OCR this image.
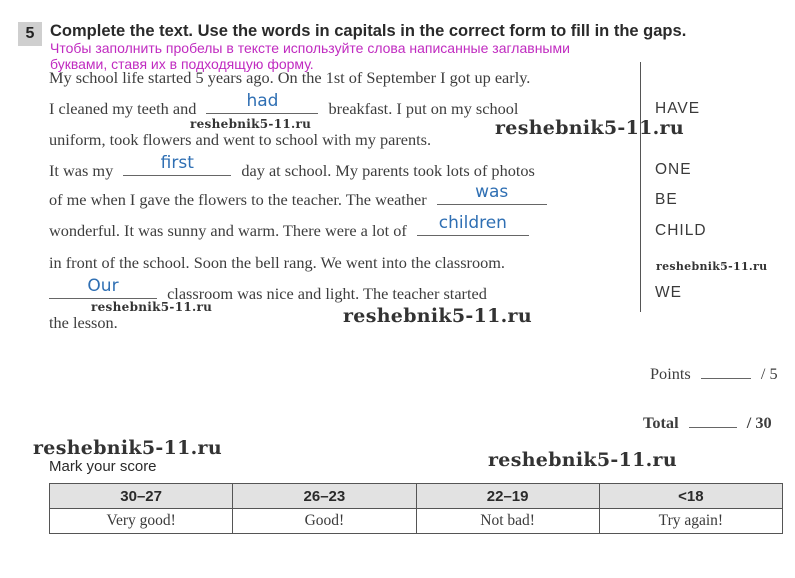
5 Complete the text. Use the words in capitals in the correct form to fill in the gaps.
Чтобы заполнить пробелы в тексте используйте слова написанные заглавными
буквами, ставя их в подходящую форму.
My school life started 5 years ago. On the 1st of September I got up early.
I cleaned my teeth and	had	breakfast. I put on my school
uniform, took flowers and went to school with my parents.
It was my	first	day at school. My parents took lots of photos
of me when I gave the flowers to the teacher. The weather	was
wonderful. It was sunny and warm. There were a lot of	children
in front of the school. Soon the bell rang. We went into the classroom.
Our	classroom was nice and light. The teacher started
the lesson.
HAVE
ONE
BE
CHILD
WE
reshebnik5-11.ru	reshebnik5-11.ru
reshebnik5-11.ru
reshebnik5-11.ru	reshebnik5-11.ru
reshebnik5-11.ru
reshebnik5-11.ru
Points	/ 5
Total	/ 30
Mark your score
30–27	26–23	22–19	<18
Very good!	Good!	Not bad!	Try again!
